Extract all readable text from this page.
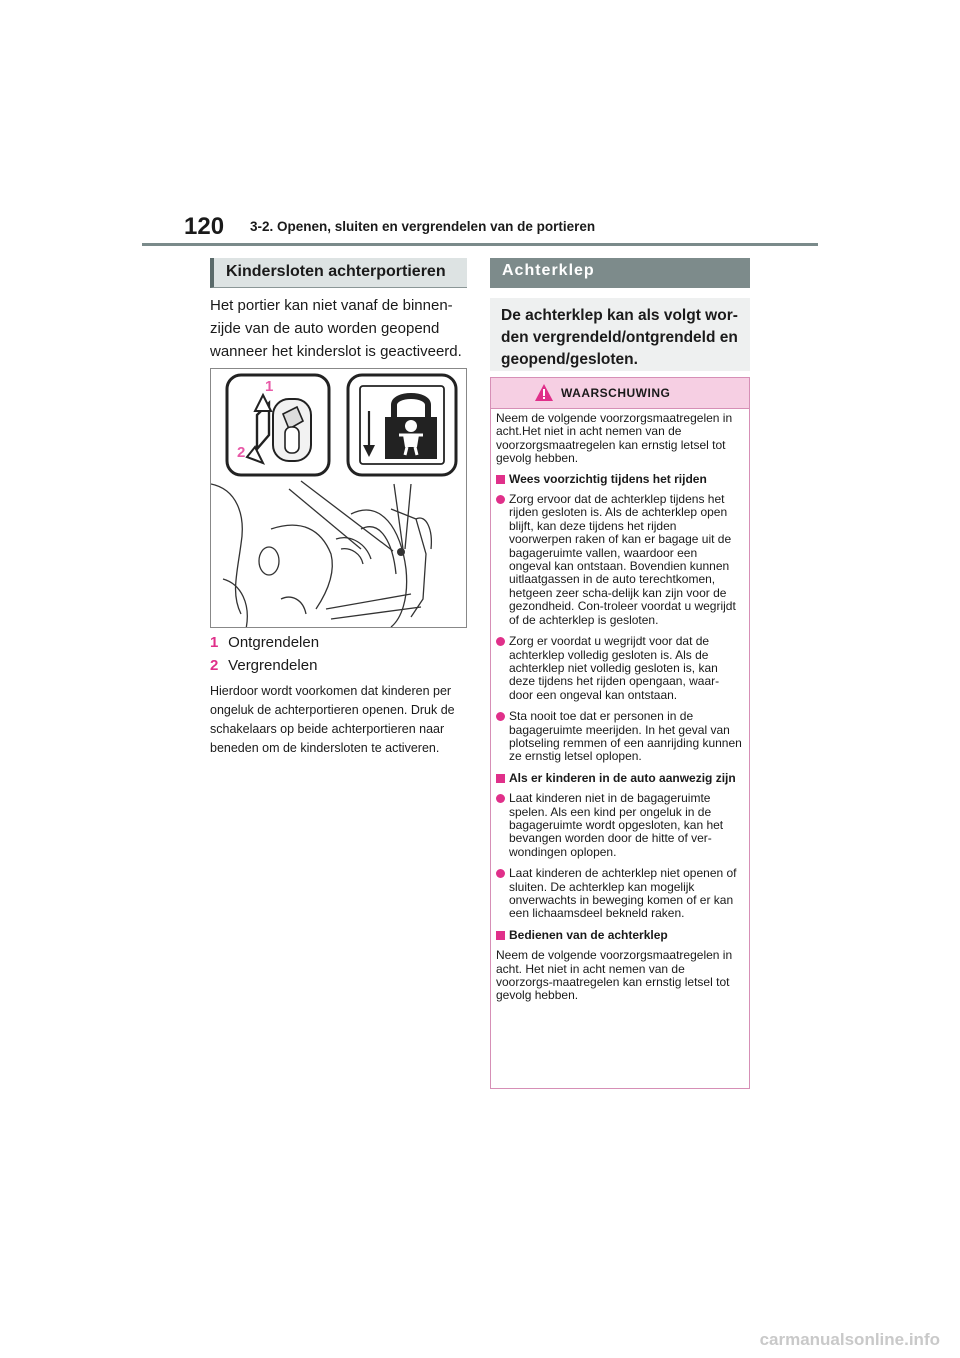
120 3-2. Openen, sluiten en vergrendelen van de portieren
Kindersloten achterportieren
Het portier kan niet vanaf de binnen-zijde van de auto worden geopend wanneer het kinderslot is geactiveerd.
1
2
1 Ontgrendelen
2 Vergrendelen
Hierdoor wordt voorkomen dat kinderen per ongeluk de achterportieren openen. Druk de schakelaars op beide achterportieren naar beneden om de kindersloten te activeren.
Achterklep
De achterklep kan als volgt wor-den vergrendeld/ontgrendeld en geopend/gesloten.
WAARSCHUWING

Neem de volgende voorzorgsmaatregelen in acht.Het niet in acht nemen van de voorzorgsmaatregelen kan ernstig letsel tot gevolg hebben.

Wees voorzichtig tijdens het rijden
Zorg ervoor dat de achterklep tijdens het rijden gesloten is. Als de achterklep open blijft, kan deze tijdens het rijden voorwerpen raken of kan er bagage uit de bagageruimte vallen, waardoor een ongeval kan ontstaan. Bovendien kunnen uitlaatgassen in de auto terechtkomen, hetgeen zeer scha-delijk kan zijn voor de gezondheid. Con-troleer voordat u wegrijdt of de achterklep is gesloten.
Zorg er voordat u wegrijdt voor dat de achterklep volledig gesloten is. Als de achterklep niet volledig gesloten is, kan deze tijdens het rijden opengaan, waar-door een ongeval kan ontstaan.
Sta nooit toe dat er personen in de bagageruimte meerijden. In het geval van plotseling remmen of een aanrijding kunnen ze ernstig letsel oplopen.
Als er kinderen in de auto aanwezig zijn
Laat kinderen niet in de bagageruimte spelen. Als een kind per ongeluk in de bagageruimte wordt opgesloten, kan het bevangen worden door de hitte of ver-wondingen oplopen.
Laat kinderen de achterklep niet openen of sluiten. De achterklep kan mogelijk onverwachts in beweging komen of er kan een lichaamsdeel bekneld raken.
Bedienen van de achterklep

Neem de volgende voorzorgsmaatregelen in acht. Het niet in acht nemen van de voorzorgs-maatregelen kan ernstig letsel tot gevolg hebben.

carmanualsonline.info
